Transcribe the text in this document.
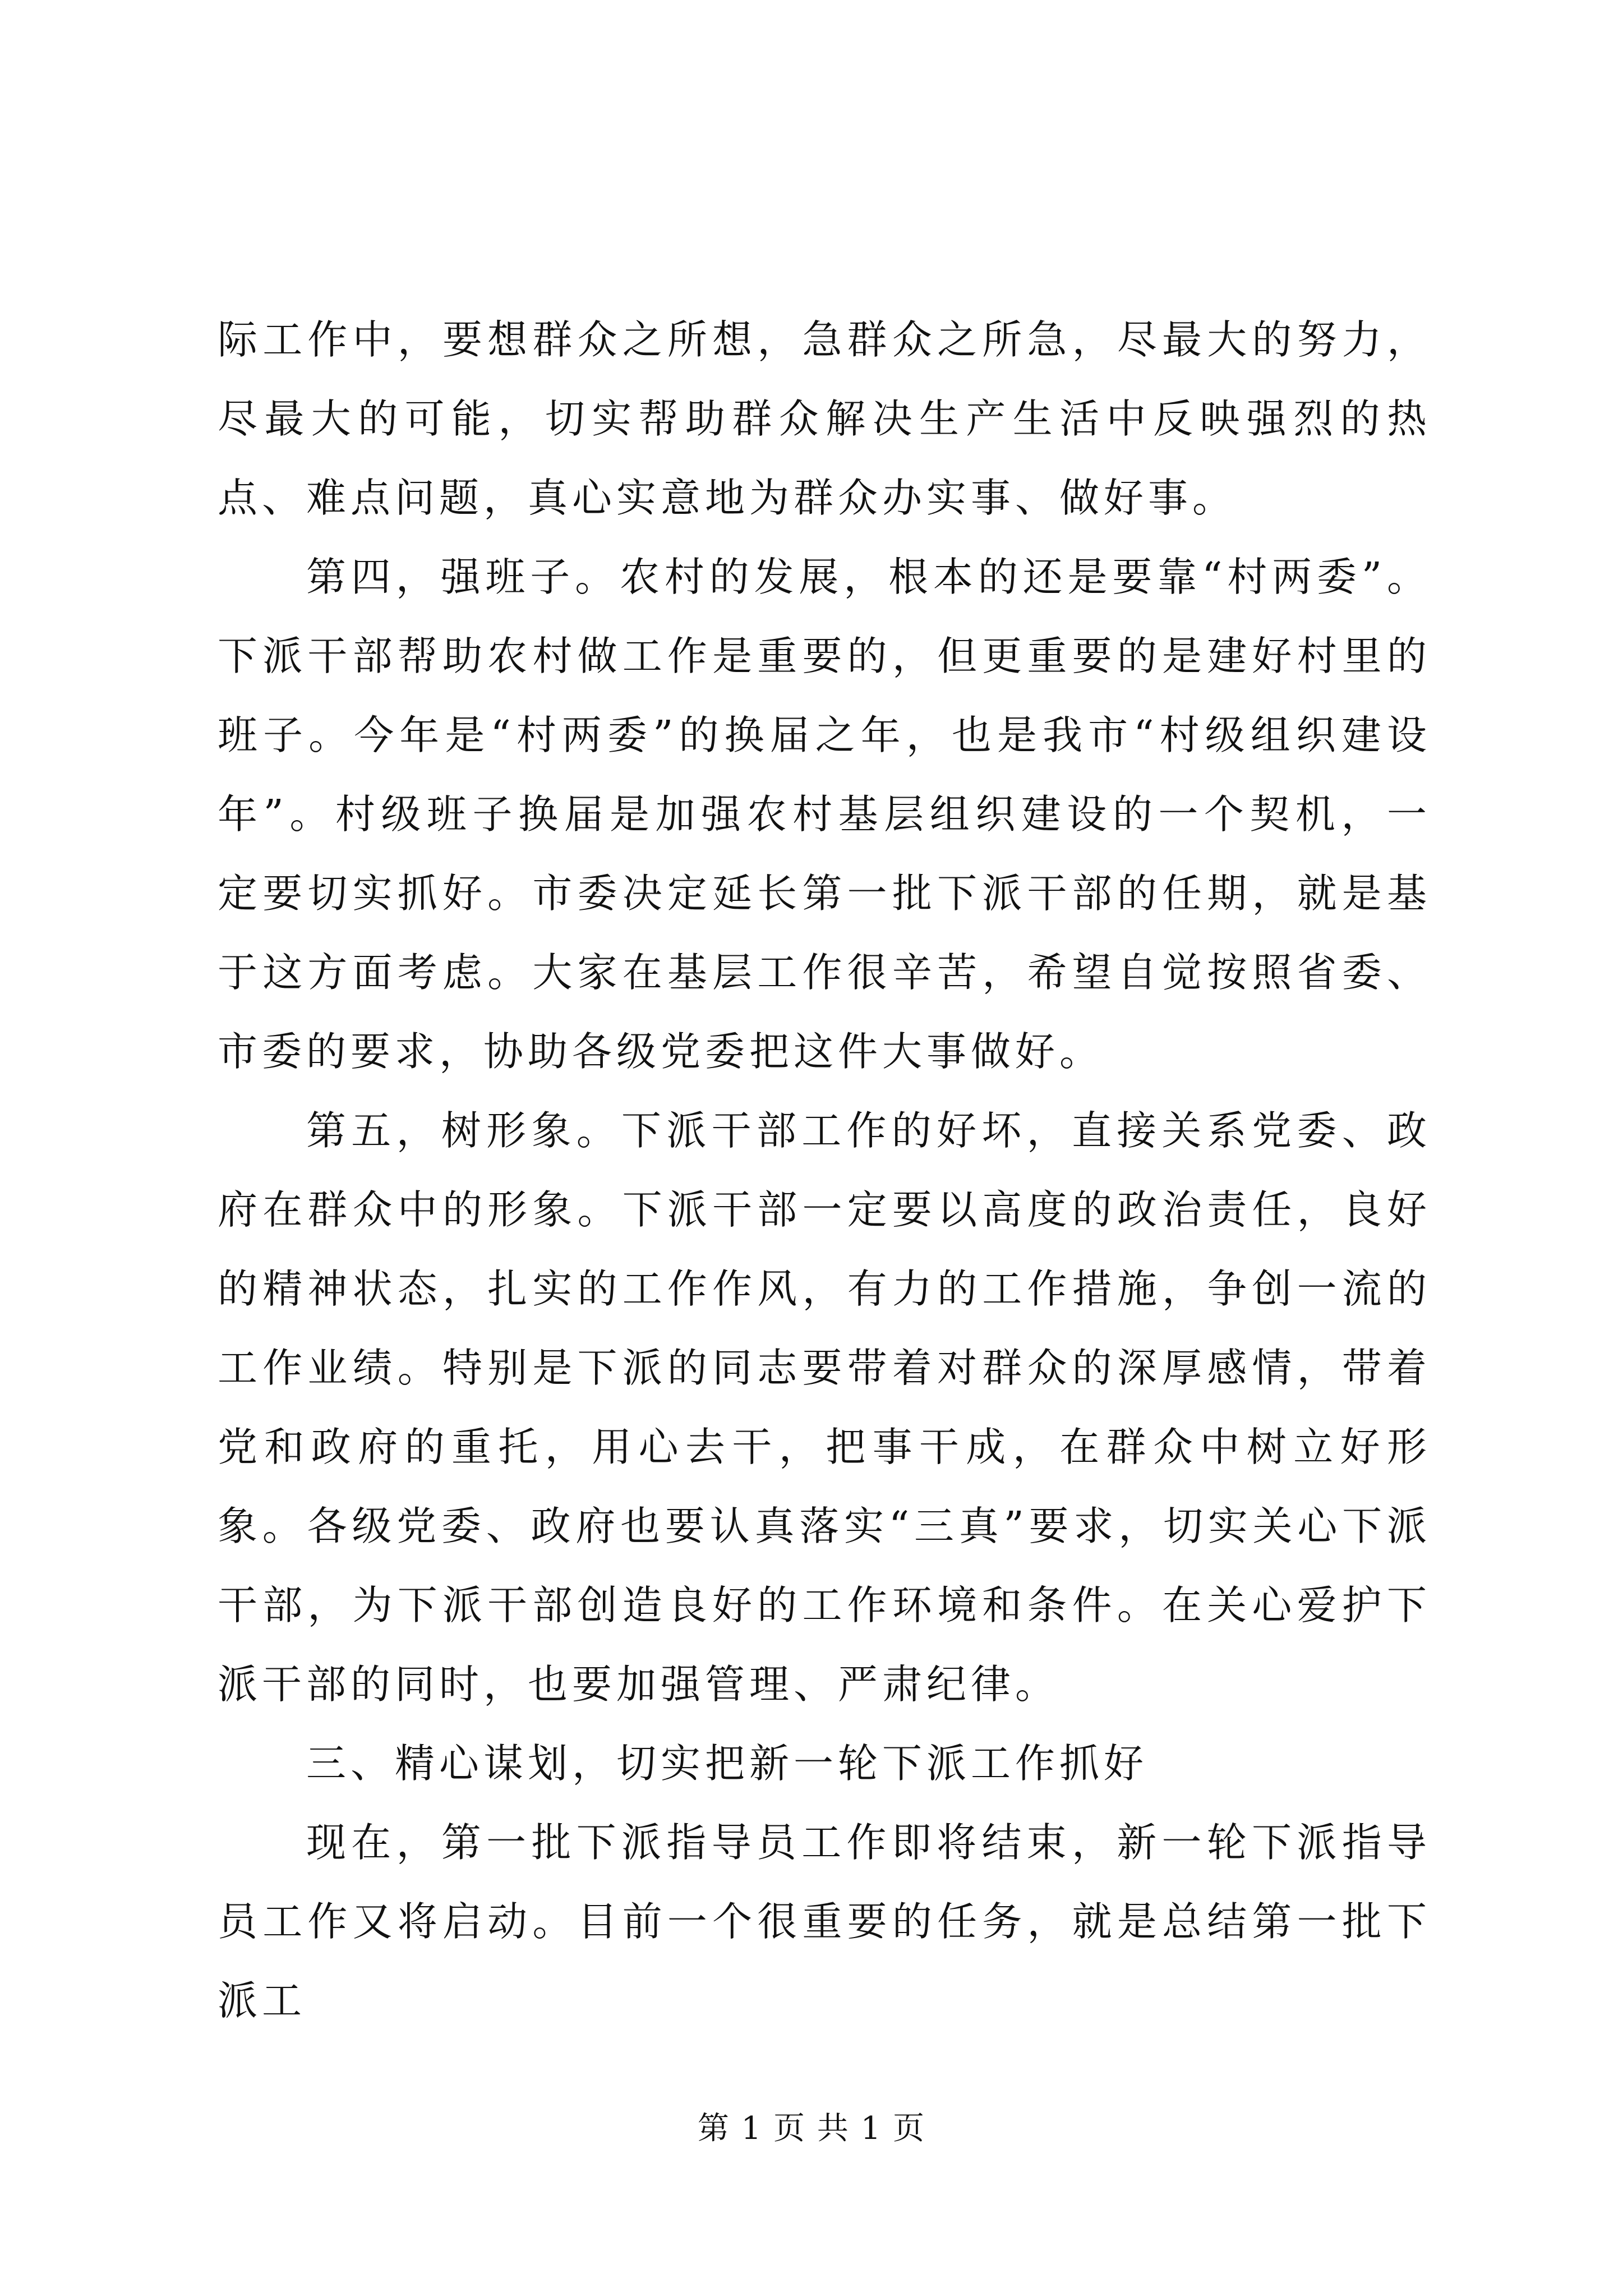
际工作中，要想群众之所想，急群众之所急，尽最大的努力，尽最大的可能，切实帮助群众解决生产生活中反映强烈的热点、难点问题，真心实意地为群众办实事、做好事。

第四，强班子。农村的发展，根本的还是要靠“村两委”。下派干部帮助农村做工作是重要的，但更重要的是建好村里的班子。今年是“村两委”的换届之年，也是我市“村级组织建设年”。村级班子换届是加强农村基层组织建设的一个契机，一定要切实抓好。市委决定延长第一批下派干部的任期，就是基于这方面考虑。大家在基层工作很辛苦，希望自觉按照省委、市委的要求，协助各级党委把这件大事做好。

第五，树形象。下派干部工作的好坏，直接关系党委、政府在群众中的形象。下派干部一定要以高度的政治责任，良好的精神状态，扎实的工作作风，有力的工作措施，争创一流的工作业绩。特别是下派的同志要带着对群众的深厚感情，带着党和政府的重托，用心去干，把事干成，在群众中树立好形象。各级党委、政府也要认真落实“三真”要求，切实关心下派干部，为下派干部创造良好的工作环境和条件。在关心爱护下派干部的同时，也要加强管理、严肃纪律。

三、精心谋划，切实把新一轮下派工作抓好

现在，第一批下派指导员工作即将结束，新一轮下派指导员工作又将启动。目前一个很重要的任务，就是总结第一批下派工

第 1 页 共 1 页
